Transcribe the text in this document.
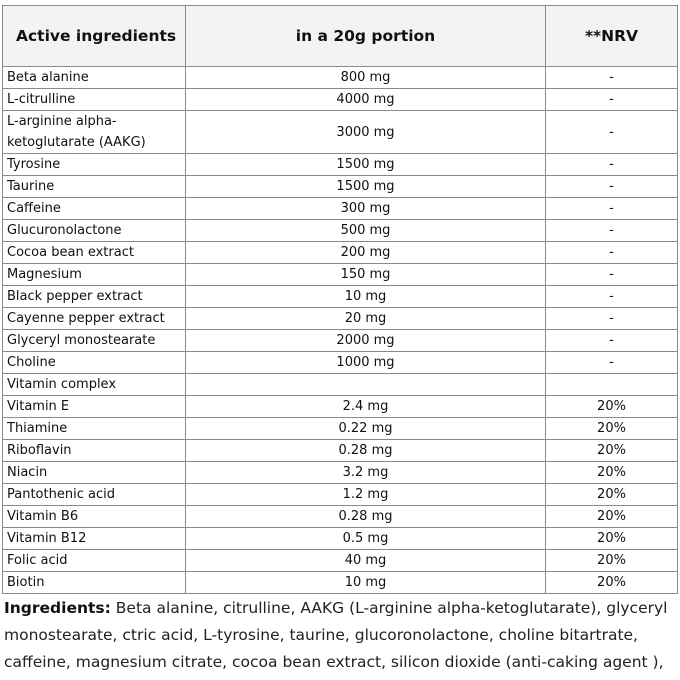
Active ingredients	in a 20g portion	**NRV
Beta alanine	800 mg	-
L-citrulline	4000 mg	-
L-arginine alpha-ketoglutarate (AAKG)	3000 mg	-
Tyrosine	1500 mg	-
Taurine	1500 mg	-
Caffeine	300 mg	-
Glucuronolactone	500 mg	-
Cocoa bean extract	200 mg	-
Magnesium	150 mg	-
Black pepper extract	10 mg	-
Cayenne pepper extract	20 mg	-
Glyceryl monostearate	2000 mg	-
Choline	1000 mg	-
Vitamin complex		
Vitamin E	2.4 mg	20%
Thiamine	0.22 mg	20%
Riboflavin	0.28 mg	20%
Niacin	3.2 mg	20%
Pantothenic acid	1.2 mg	20%
Vitamin B6	0.28 mg	20%
Vitamin B12	0.5 mg	20%
Folic acid	40 mg	20%
Biotin	10 mg	20%
Ingredients: Beta alanine, citrulline, AAKG (L-arginine alpha-ketoglutarate), glyceryl monostearate, ctric acid, L-tyrosine, taurine, glucoronolactone, choline bitartrate, caffeine, magnesium citrate, cocoa bean extract, silicon dioxide (anti-caking agent ),
